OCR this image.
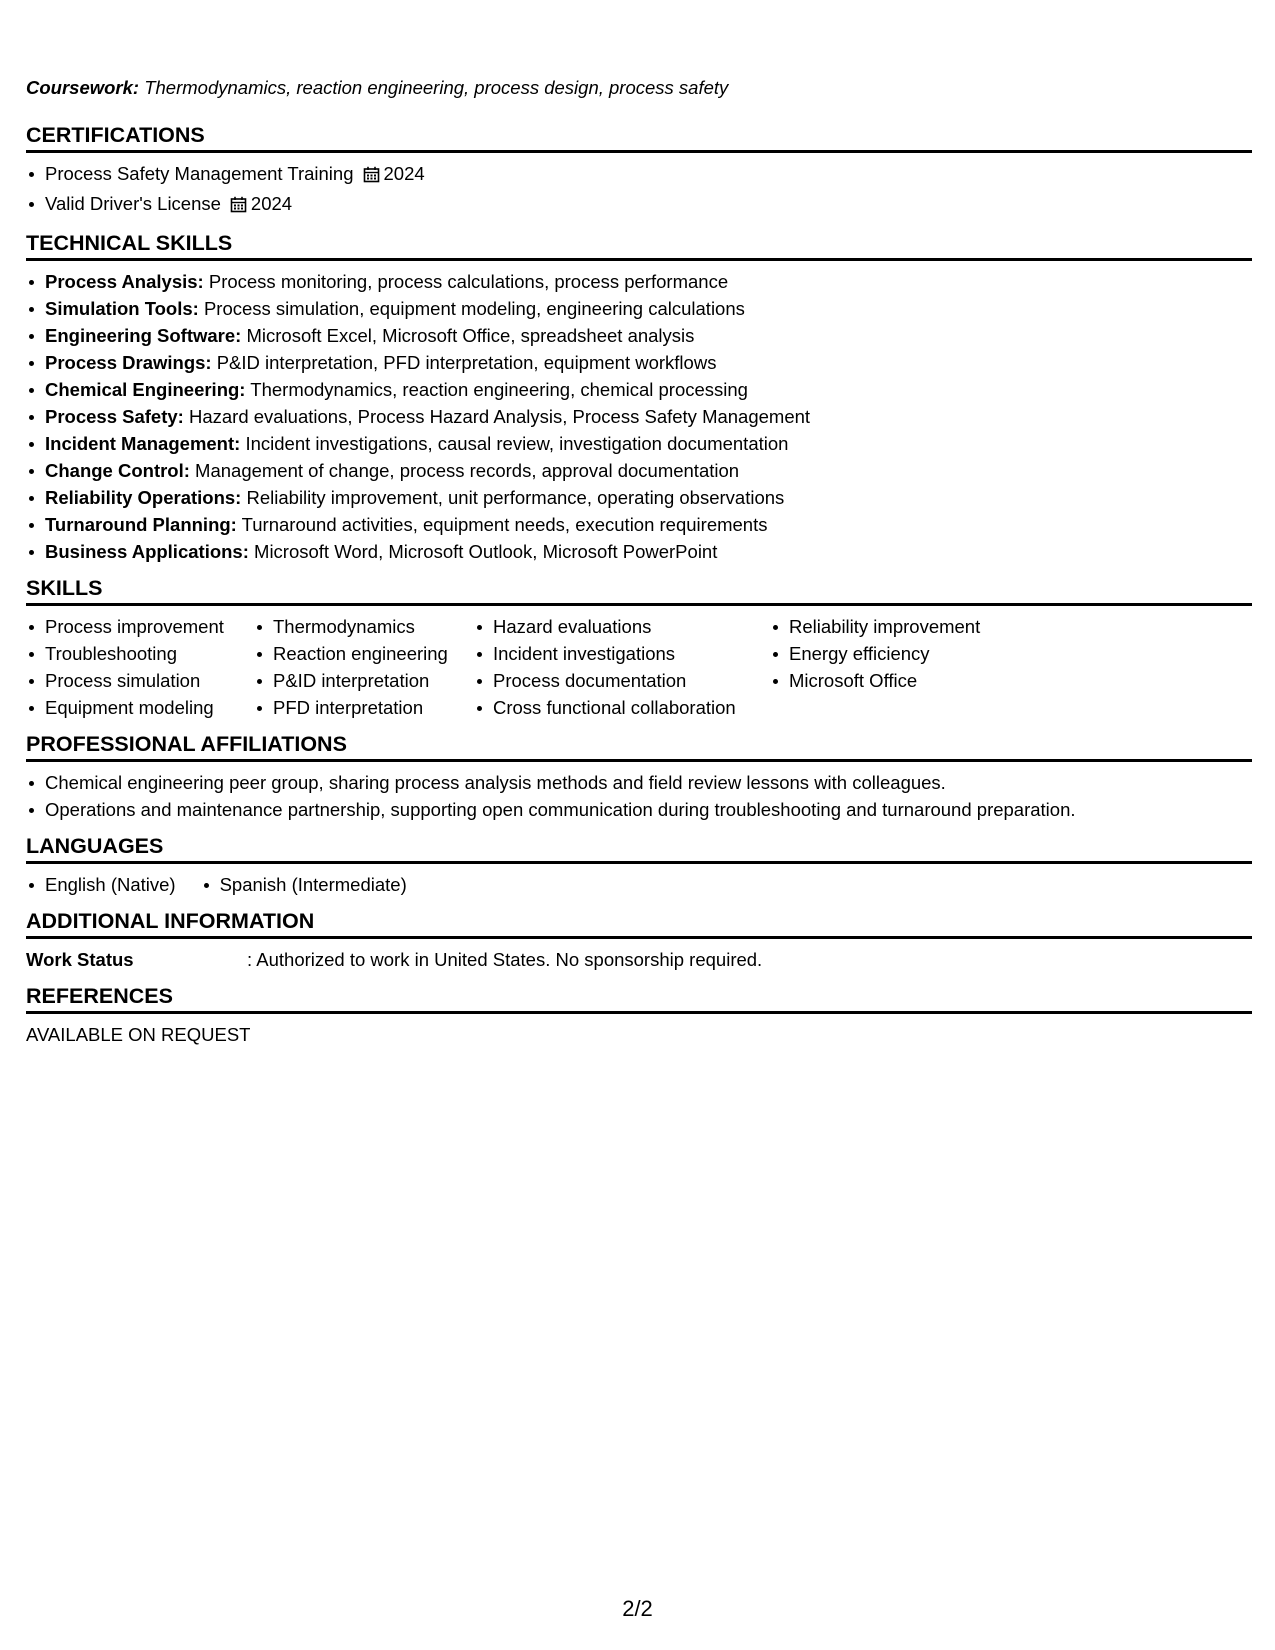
Coursework: Thermodynamics, reaction engineering, process design, process safety
CERTIFICATIONS
Process Safety Management Training 2024
Valid Driver's License 2024
TECHNICAL SKILLS
Process Analysis: Process monitoring, process calculations, process performance
Simulation Tools: Process simulation, equipment modeling, engineering calculations
Engineering Software: Microsoft Excel, Microsoft Office, spreadsheet analysis
Process Drawings: P&ID interpretation, PFD interpretation, equipment workflows
Chemical Engineering: Thermodynamics, reaction engineering, chemical processing
Process Safety: Hazard evaluations, Process Hazard Analysis, Process Safety Management
Incident Management: Incident investigations, causal review, investigation documentation
Change Control: Management of change, process records, approval documentation
Reliability Operations: Reliability improvement, unit performance, operating observations
Turnaround Planning: Turnaround activities, equipment needs, execution requirements
Business Applications: Microsoft Word, Microsoft Outlook, Microsoft PowerPoint
SKILLS
Process improvement
Troubleshooting
Process simulation
Equipment modeling
Thermodynamics
Reaction engineering
P&ID interpretation
PFD interpretation
Hazard evaluations
Incident investigations
Process documentation
Cross functional collaboration
Reliability improvement
Energy efficiency
Microsoft Office
PROFESSIONAL AFFILIATIONS
Chemical engineering peer group, sharing process analysis methods and field review lessons with colleagues.
Operations and maintenance partnership, supporting open communication during troubleshooting and turnaround preparation.
LANGUAGES
English (Native)	Spanish (Intermediate)
ADDITIONAL INFORMATION
Work Status	: Authorized to work in United States. No sponsorship required.
REFERENCES
AVAILABLE ON REQUEST
2/2
